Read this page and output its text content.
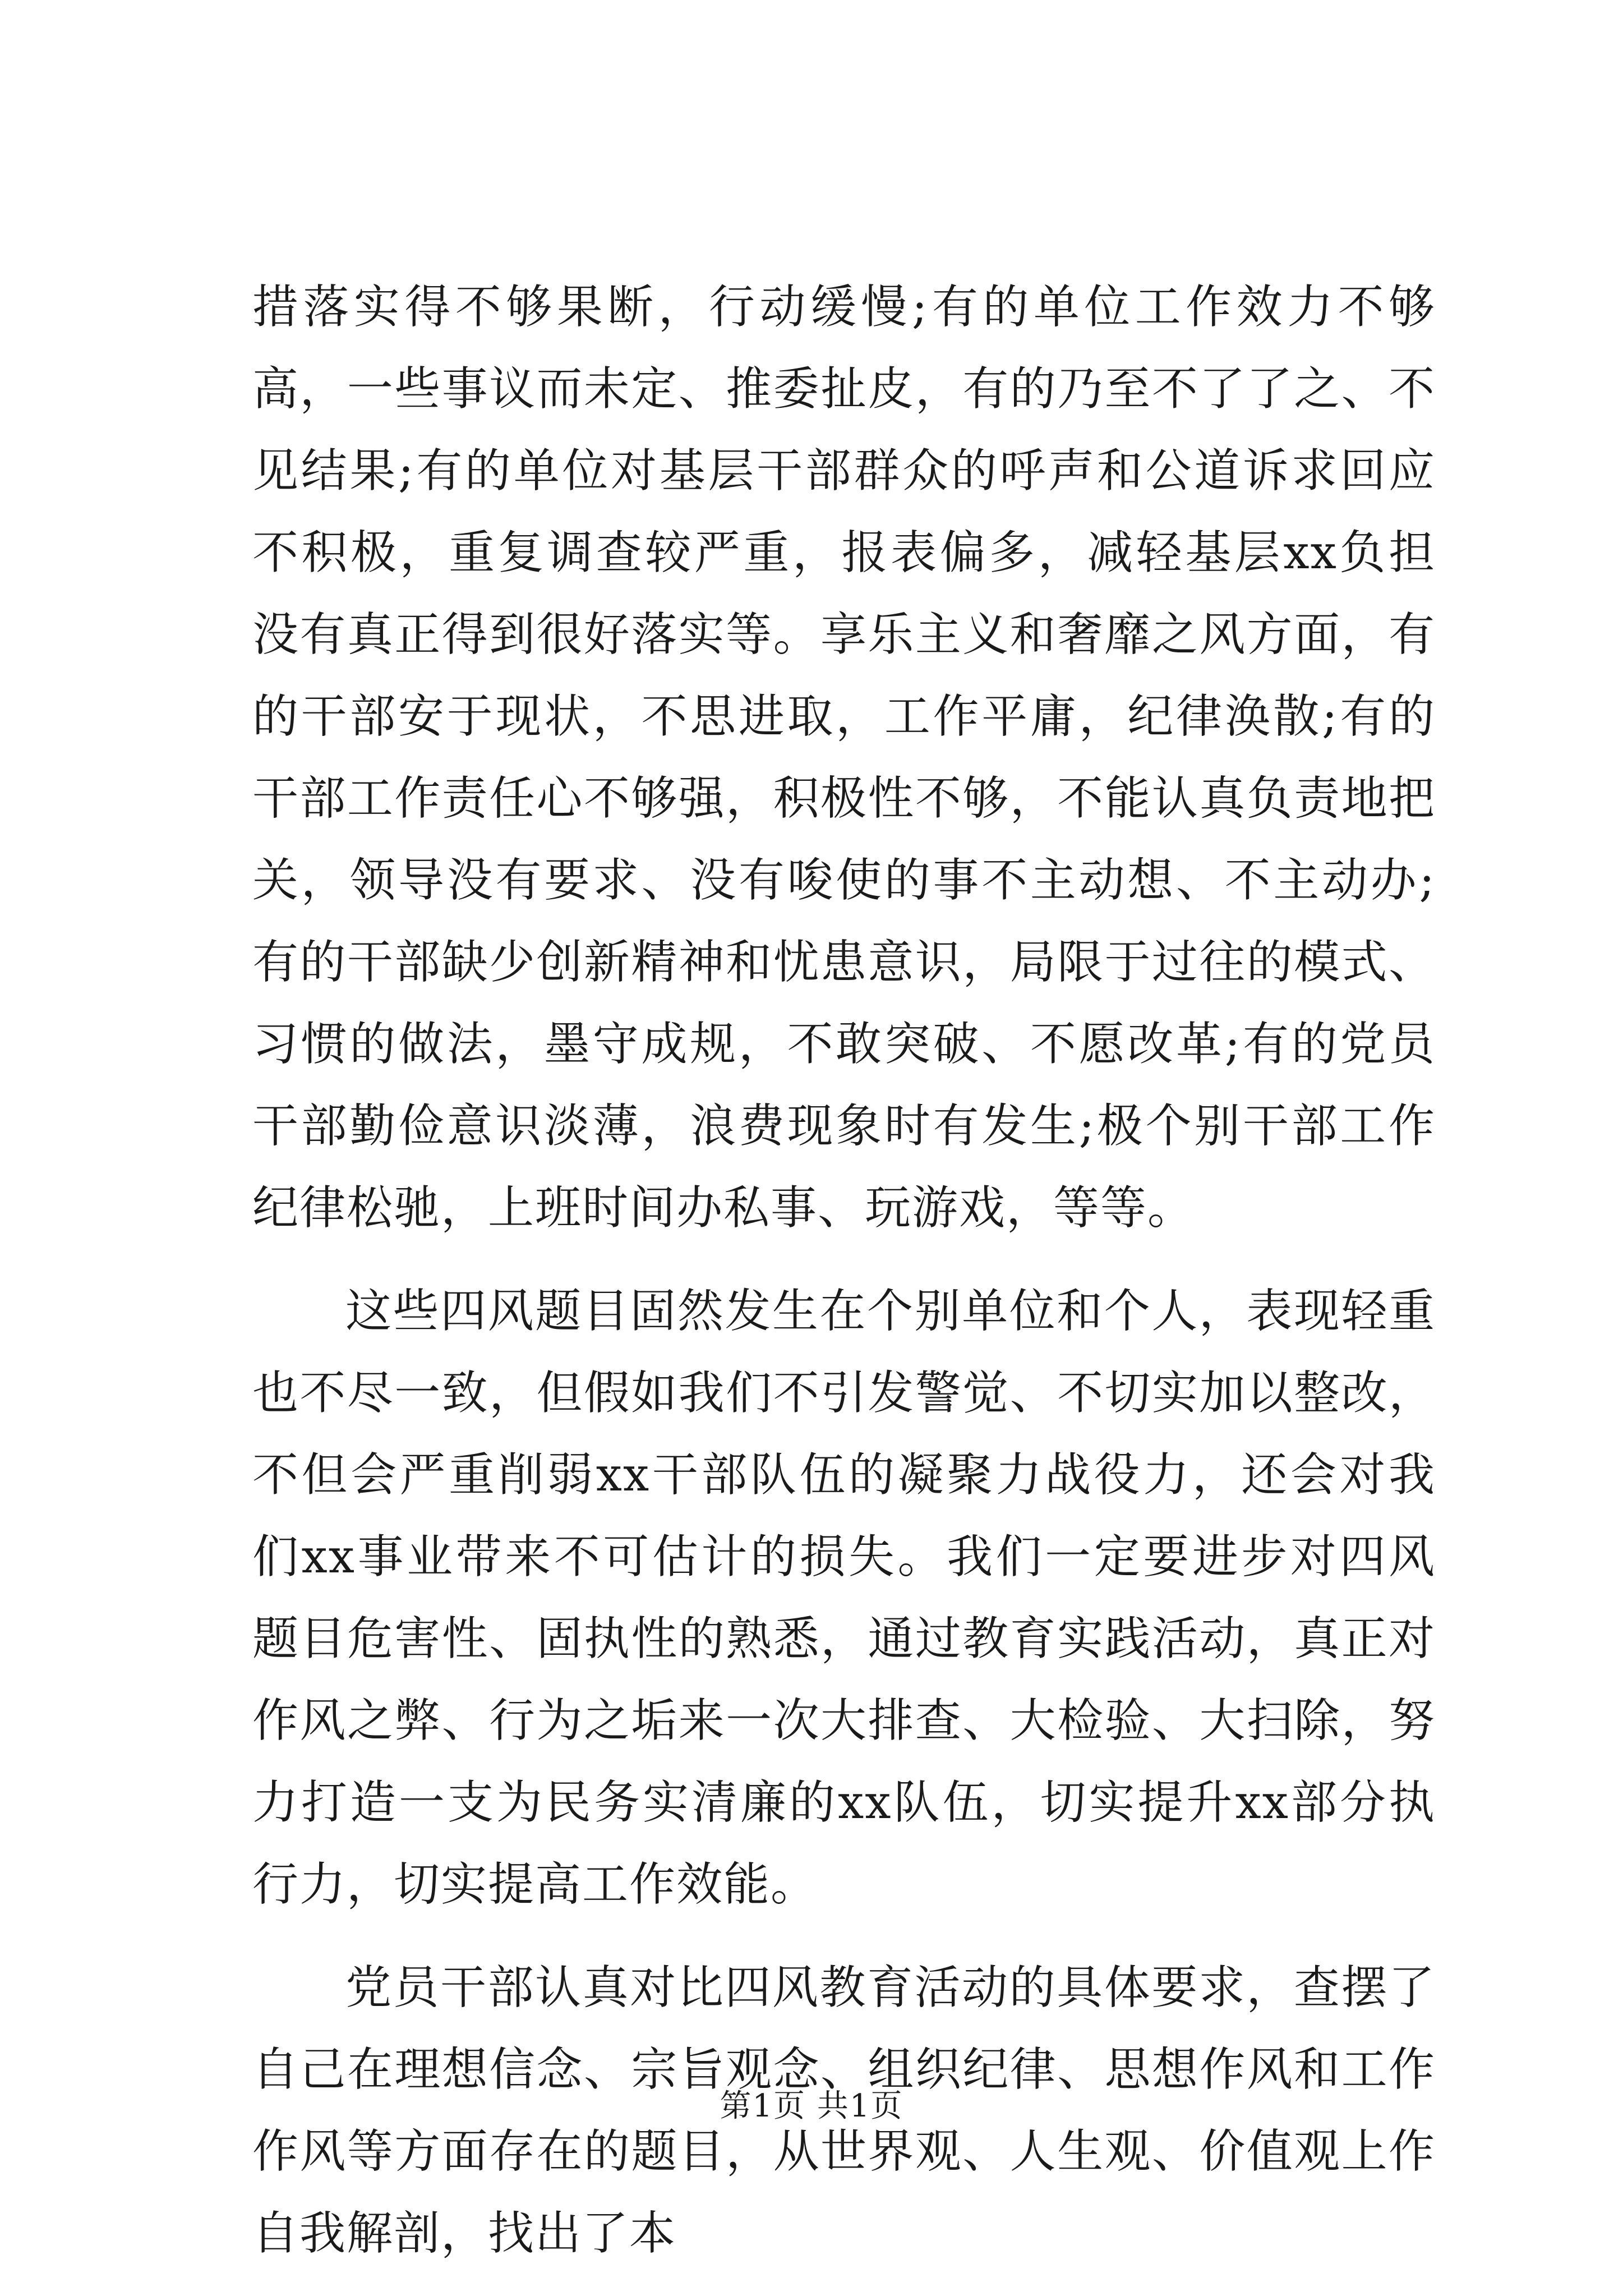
措落实得不够果断，行动缓慢;有的单位工作效力不够高，一些事议而未定、推委扯皮，有的乃至不了了之、不见结果;有的单位对基层干部群众的呼声和公道诉求回应不积极，重复调查较严重，报表偏多，减轻基层xx负担没有真正得到很好落实等。享乐主义和奢靡之风方面，有的干部安于现状，不思进取，工作平庸，纪律涣散;有的干部工作责任心不够强，积极性不够，不能认真负责地把关，领导没有要求、没有唆使的事不主动想、不主动办;有的干部缺少创新精神和忧患意识，局限于过往的模式、习惯的做法，墨守成规，不敢突破、不愿改革;有的党员干部勤俭意识淡薄，浪费现象时有发生;极个别干部工作纪律松驰，上班时间办私事、玩游戏，等等。

这些四风题目固然发生在个别单位和个人，表现轻重也不尽一致，但假如我们不引发警觉、不切实加以整改，不但会严重削弱xx干部队伍的凝聚力战役力，还会对我们xx事业带来不可估计的损失。我们一定要进步对四风题目危害性、固执性的熟悉，通过教育实践活动，真正对作风之弊、行为之垢来一次大排查、大检验、大扫除，努力打造一支为民务实清廉的xx队伍，切实提升xx部分执行力，切实提高工作效能。

党员干部认真对比四风教育活动的具体要求，查摆了自己在理想信念、宗旨观念、组织纪律、思想作风和工作作风等方面存在的题目，从世界观、人生观、价值观上作自我解剖，找出了本

第1页 共1页
